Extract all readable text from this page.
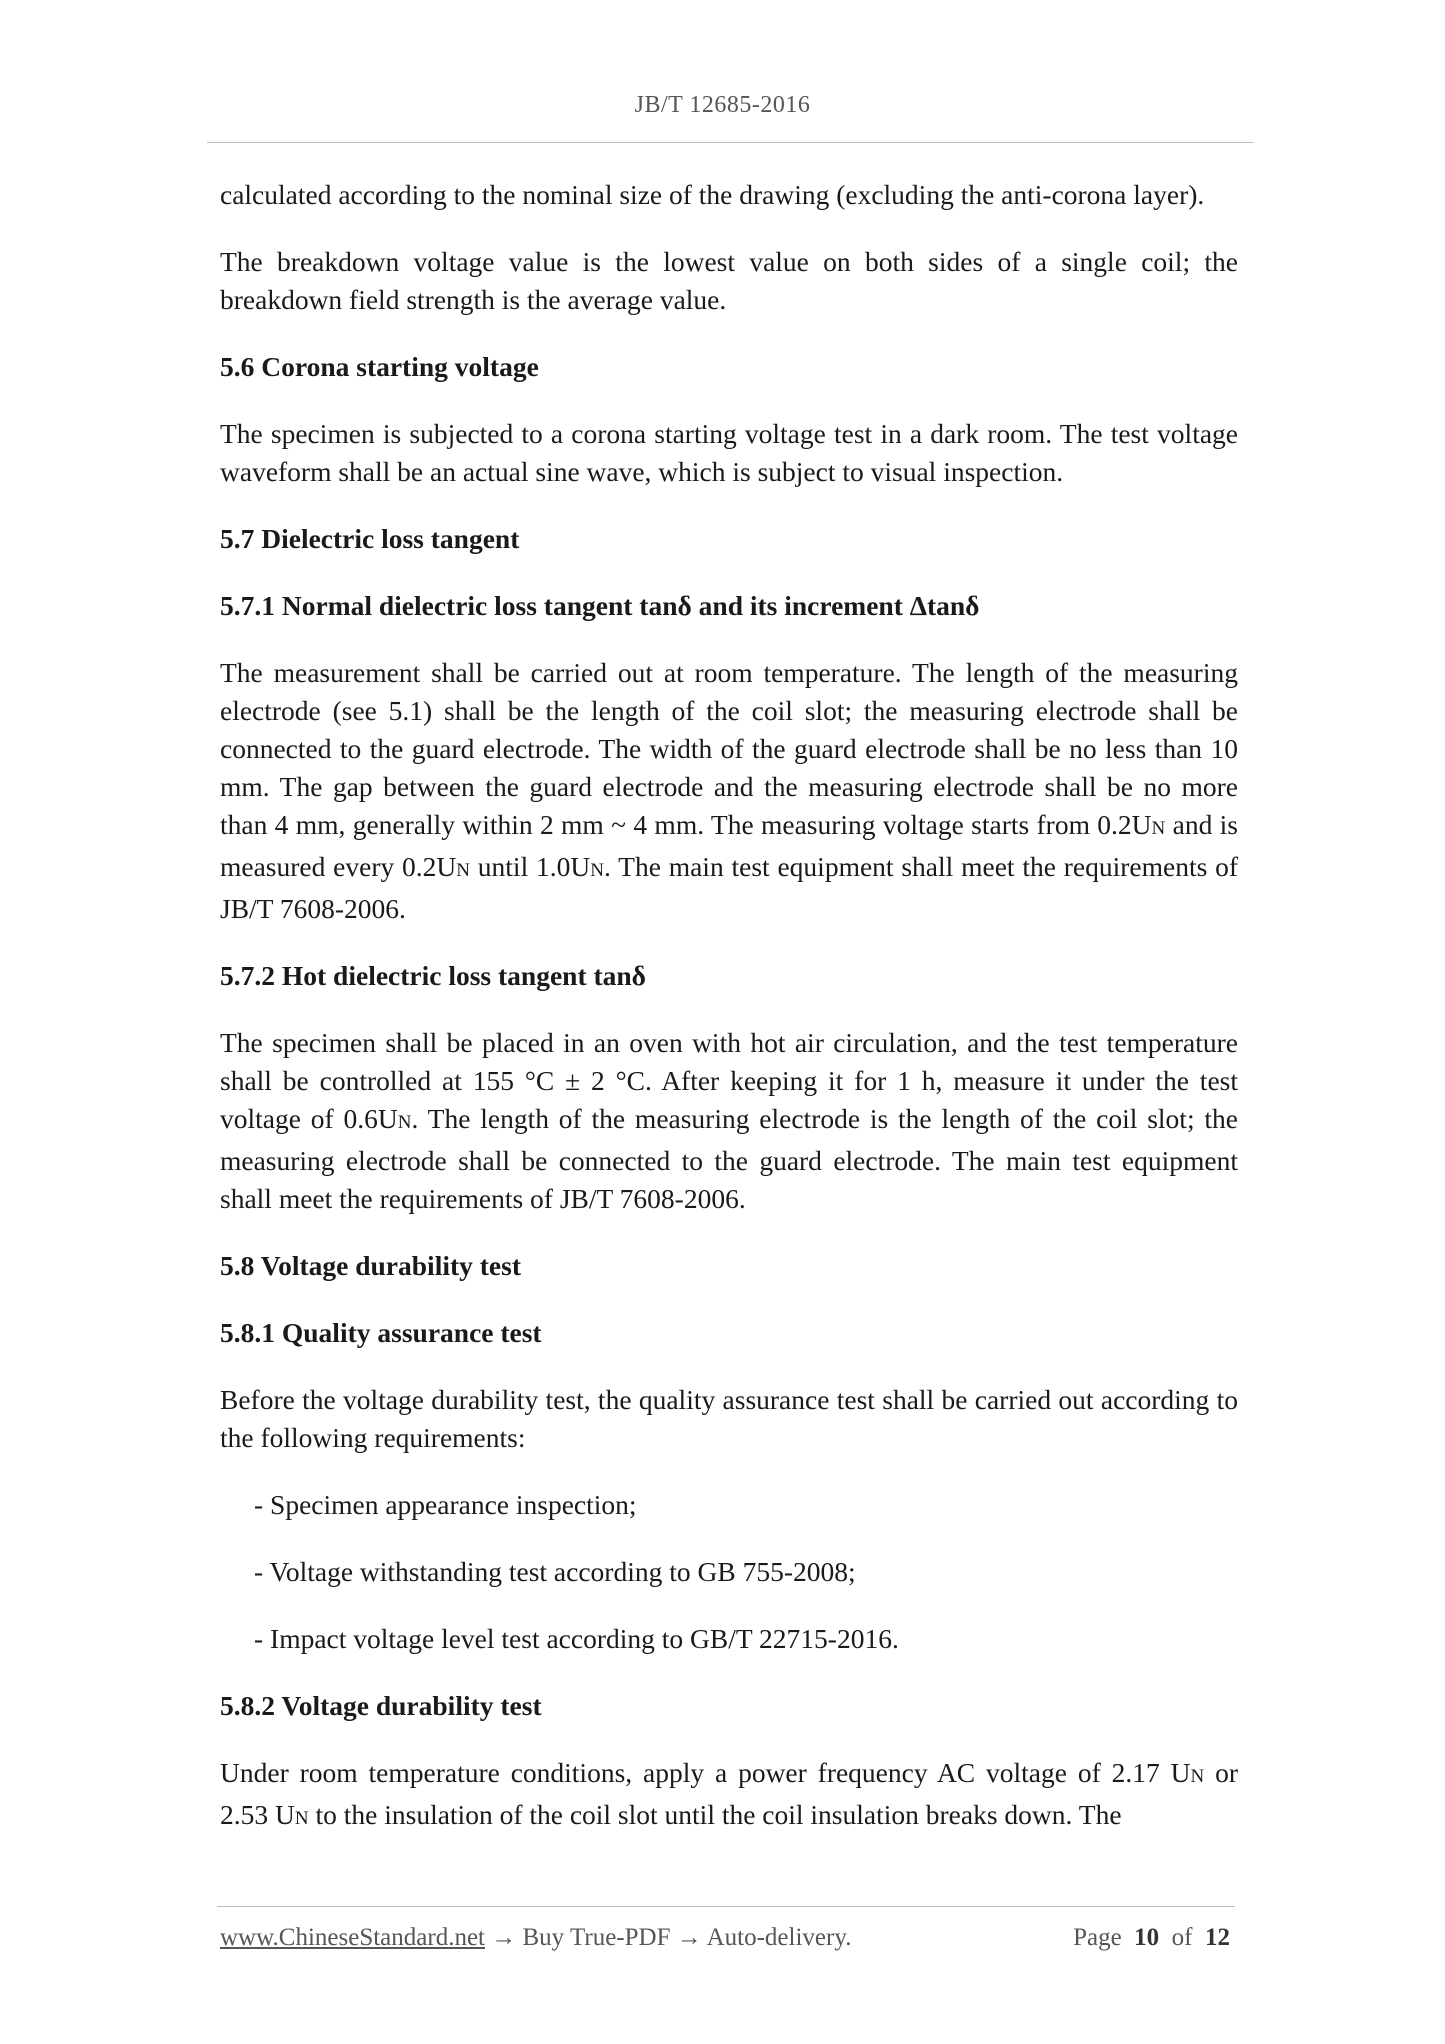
JB/T 12685-2016

calculated according to the nominal size of the drawing (excluding the anti-corona layer).

The breakdown voltage value is the lowest value on both sides of a single coil; the breakdown field strength is the average value.

5.6 Corona starting voltage

The specimen is subjected to a corona starting voltage test in a dark room. The test voltage waveform shall be an actual sine wave, which is subject to visual inspection.

5.7 Dielectric loss tangent
5.7.1 Normal dielectric loss tangent tanδ and its increment Δtanδ

The measurement shall be carried out at room temperature. The length of the measuring electrode (see 5.1) shall be the length of the coil slot; the measuring electrode shall be connected to the guard electrode. The width of the guard electrode shall be no less than 10 mm. The gap between the guard electrode and the measuring electrode shall be no more than 4 mm, generally within 2 mm ~ 4 mm. The measuring voltage starts from 0.2UN and is measured every 0.2UN until 1.0UN. The main test equipment shall meet the requirements of JB/T 7608-2006.

5.7.2 Hot dielectric loss tangent tanδ

The specimen shall be placed in an oven with hot air circulation, and the test temperature shall be controlled at 155 °C ± 2 °C. After keeping it for 1 h, measure it under the test voltage of 0.6UN. The length of the measuring electrode is the length of the coil slot; the measuring electrode shall be connected to the guard electrode. The main test equipment shall meet the requirements of JB/T 7608-2006.

5.8 Voltage durability test
5.8.1 Quality assurance test

Before the voltage durability test, the quality assurance test shall be carried out according to the following requirements:

- Specimen appearance inspection;

- Voltage withstanding test according to GB 755-2008;

- Impact voltage level test according to GB/T 22715-2016.

5.8.2 Voltage durability test

Under room temperature conditions, apply a power frequency AC voltage of 2.17 UN or 2.53 UN to the insulation of the coil slot until the coil insulation breaks down. The

www.ChineseStandard.net → Buy True-PDF → Auto-delivery.	Page 10 of 12
